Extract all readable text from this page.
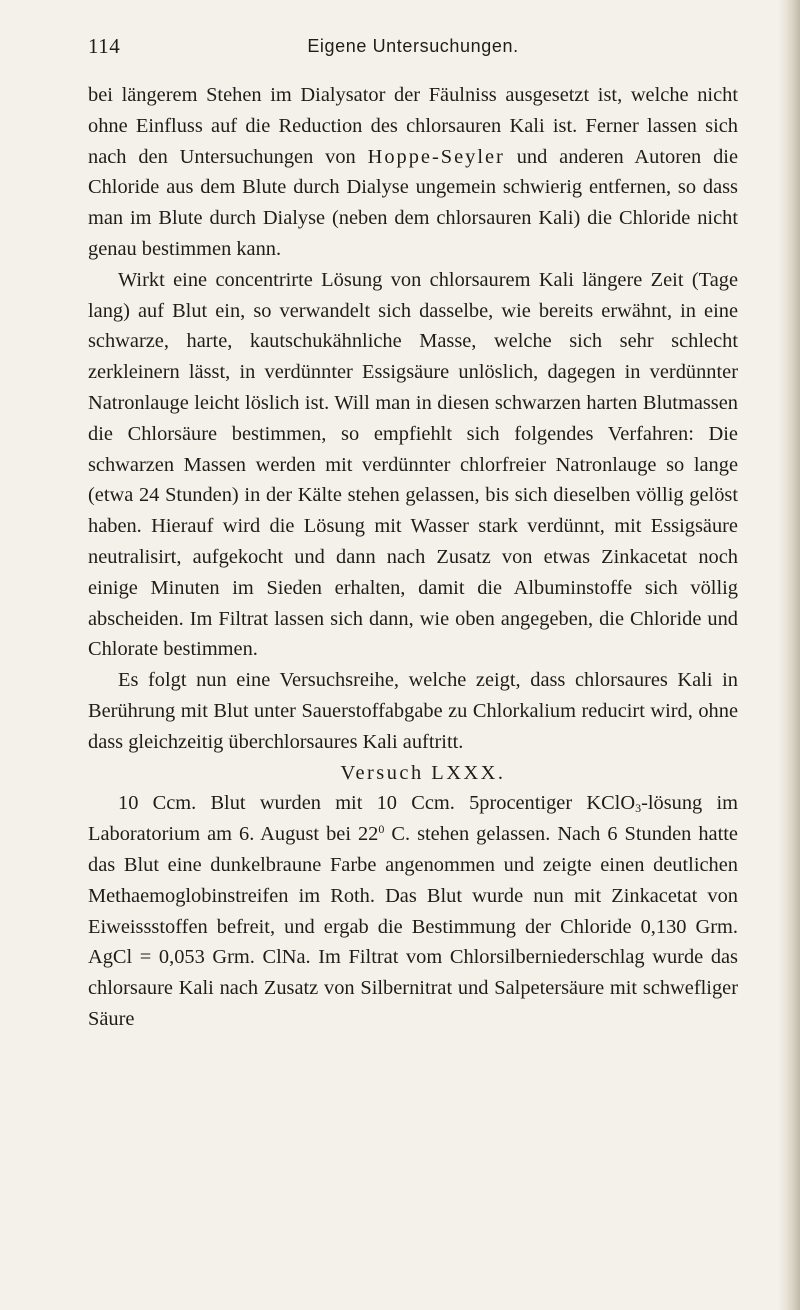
114	Eigene Untersuchungen.

bei längerem Stehen im Dialysator der Fäulniss ausgesetzt ist, welche nicht ohne Einfluss auf die Reduction des chlorsauren Kali ist. Ferner lassen sich nach den Untersuchungen von Hoppe-Seyler und anderen Autoren die Chloride aus dem Blute durch Dialyse ungemein schwierig entfernen, so dass man im Blute durch Dialyse (neben dem chlorsauren Kali) die Chloride nicht genau bestimmen kann.

Wirkt eine concentrirte Lösung von chlorsaurem Kali längere Zeit (Tage lang) auf Blut ein, so verwandelt sich dasselbe, wie bereits erwähnt, in eine schwarze, harte, kautschukähnliche Masse, welche sich sehr schlecht zerkleinern lässt, in verdünnter Essigsäure unlöslich, dagegen in verdünnter Natronlauge leicht löslich ist. Will man in diesen schwarzen harten Blutmassen die Chlorsäure bestimmen, so empfiehlt sich folgendes Verfahren: Die schwarzen Massen werden mit verdünnter chlorfreier Natronlauge so lange (etwa 24 Stunden) in der Kälte stehen gelassen, bis sich dieselben völlig gelöst haben. Hierauf wird die Lösung mit Wasser stark verdünnt, mit Essigsäure neutralisirt, aufgekocht und dann nach Zusatz von etwas Zinkacetat noch einige Minuten im Sieden erhalten, damit die Albuminstoffe sich völlig abscheiden. Im Filtrat lassen sich dann, wie oben angegeben, die Chloride und Chlorate bestimmen.

Es folgt nun eine Versuchsreihe, welche zeigt, dass chlorsaures Kali in Berührung mit Blut unter Sauerstoffabgabe zu Chlorkalium reducirt wird, ohne dass gleichzeitig überchlorsaures Kali auftritt.

Versuch LXXX.

10 Ccm. Blut wurden mit 10 Ccm. 5procentiger KClO$_3$-lösung im Laboratorium am 6. August bei $22^0$ C. stehen gelassen. Nach 6 Stunden hatte das Blut eine dunkelbraune Farbe angenommen und zeigte einen deutlichen Methaemoglobinstreifen im Roth. Das Blut wurde nun mit Zinkacetat von Eiweissstoffen befreit, und ergab die Bestimmung der Chloride 0,130 Grm. AgCl = 0,053 Grm. ClNa. Im Filtrat vom Chlorsilberniederschlag wurde das chlorsaure Kali nach Zusatz von Silbernitrat und Salpetersäure mit schwefliger Säure
